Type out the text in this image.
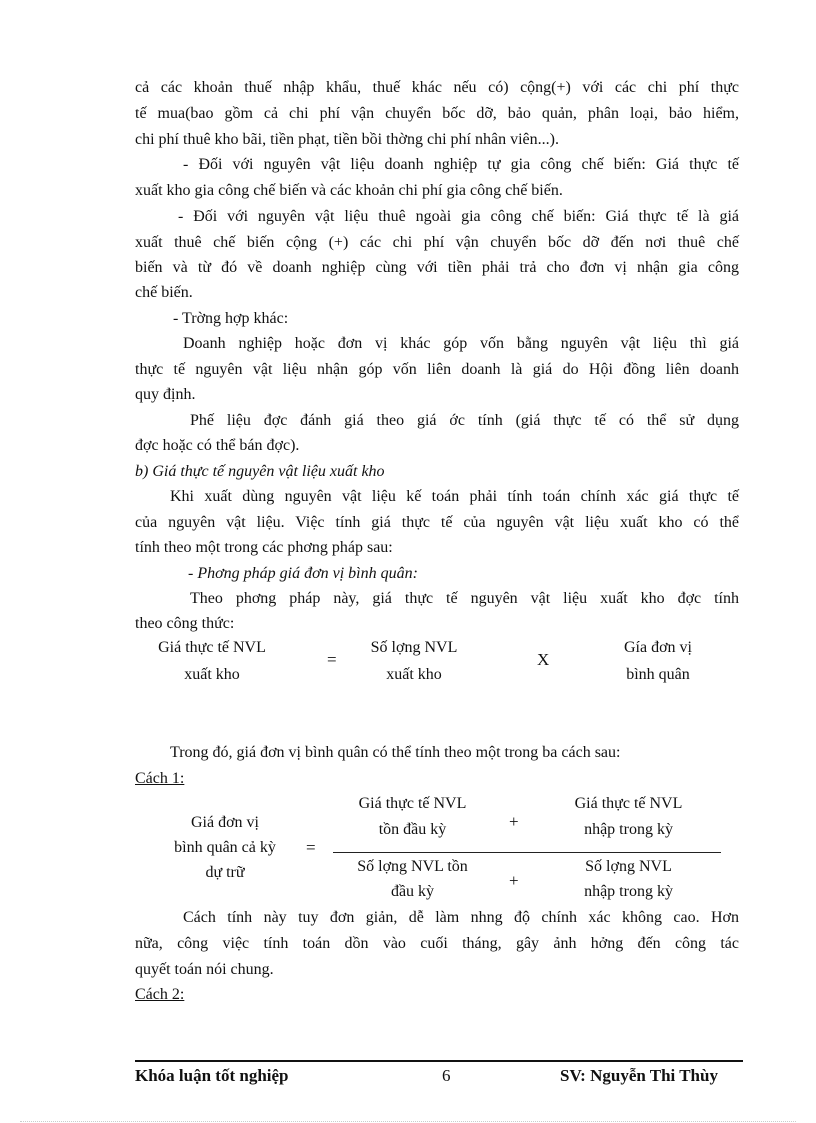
cả các khoản thuế nhập khẩu, thuế khác nếu có) cộng(+) với các chi phí thực
tế mua(bao gồm cả chi phí vận chuyển bốc dỡ, bảo quản, phân loại, bảo hiểm,
chi phí thuê kho bãi, tiền phạt, tiền bồi thờng chi phí nhân viên...).
- Đối với nguyên vật liệu doanh nghiệp tự gia công chế biến: Giá thực tế
xuất kho gia công chế biến và các khoản chi phí gia công chế biến.
- Đối với nguyên vật liệu thuê ngoài gia công chế biến: Giá thực tế là giá
xuất thuê chế biến cộng (+) các chi phí vận chuyển bốc dỡ đến nơi thuê chế
biến và từ đó về doanh nghiệp cùng với tiền phải trả cho đơn vị nhận gia công
chế biến.
- Trờng hợp khác:
Doanh nghiệp hoặc đơn vị khác góp vốn bằng nguyên vật liệu thì giá
thực tế nguyên vật liệu nhận góp vốn liên doanh là giá do Hội đồng liên doanh
quy định.
Phế liệu đợc đánh giá theo giá ớc tính (giá thực tế có thể sử dụng
đợc hoặc có thể bán đợc).
b) Giá thực tế nguyên vật liệu xuất kho
Khi xuất dùng nguyên vật liệu kế toán phải tính toán chính xác giá thực tế
của nguyên vật liệu. Việc tính giá thực tế của nguyên vật liệu xuất kho có thể
tính theo một trong các phơng pháp sau:
- Phơng pháp giá đơn vị bình quân:
Theo phơng pháp này, giá thực tế nguyên vật liệu xuất kho đợc tính
theo công thức:
Giá thực tế NVL
xuất kho
=
Số lợng NVL
xuất kho
X
Gía đơn vị
bình quân
Trong đó, giá đơn vị bình quân có thể tính theo một trong ba cách sau:
Cách 1:
Giá đơn vị
bình quân cả kỳ
dự trữ
=
Giá thực tế NVL
tồn đầu kỳ	+
Giá thực tế NVL
nhập trong kỳ
Số lợng NVL tồn
đầu kỳ
+
Số lợng NVL
nhập trong kỳ
Cách tính này tuy đơn giản, dễ làm nhng độ chính xác không cao. Hơn
nữa, công việc tính toán dồn vào cuối tháng, gây ảnh hởng đến công tác
quyết toán nói chung.
Cách 2:
Khóa luận tốt nghiệp	6	SV: Nguyễn Thi Thùy
